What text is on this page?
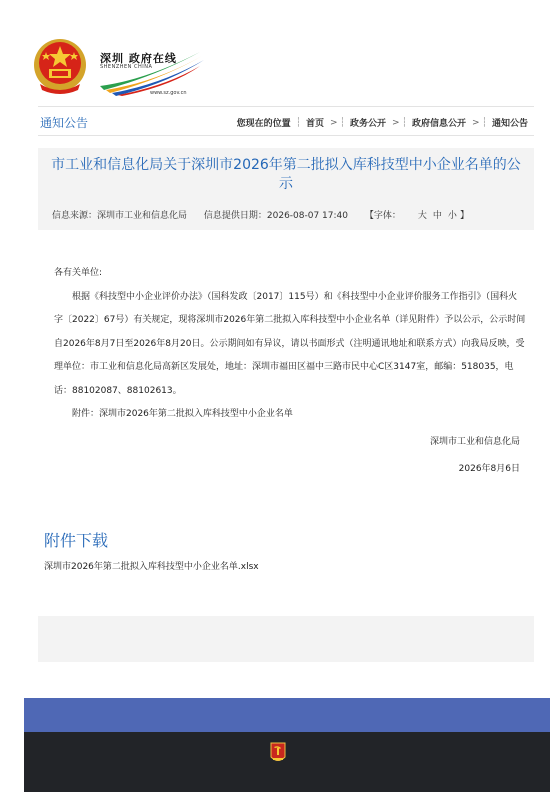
深圳 政府在线
SHENZHEN CHINA
www.sz.gov.cn
通知公告	您现在的位置 ┆ 首页 > ┆ 政务公开 > ┆ 政府信息公开 > ┆ 通知公告
市工业和信息化局关于深圳市2026年第二批拟入库科技型中小企业名单的公示
信息来源：深圳市工业和信息化局 信息提供日期：2026-08-07 17:40 【字体： 大 中 小 】

各有关单位:

根据《科技型中小企业评价办法》（国科发政〔2017〕115号）和《科技型中小企业评价服务工作指引》（国科火字〔2022〕67号）有关规定，现将深圳市2026年第二批拟入库科技型中小企业名单（详见附件）予以公示，公示时间自2026年8月7日至2026年8月20日。公示期间如有异议，请以书面形式（注明通讯地址和联系方式）向我局反映，受理单位：市工业和信息化局高新区发展处，地址：深圳市福田区福中三路市民中心C区3147室，邮编：518035，电话：88102087、88102613。

附件：深圳市2026年第二批拟入库科技型中小企业名单

深圳市工业和信息化局

2026年8月6日

附件下载
深圳市2026年第二批拟入库科技型中小企业名单.xlsx
